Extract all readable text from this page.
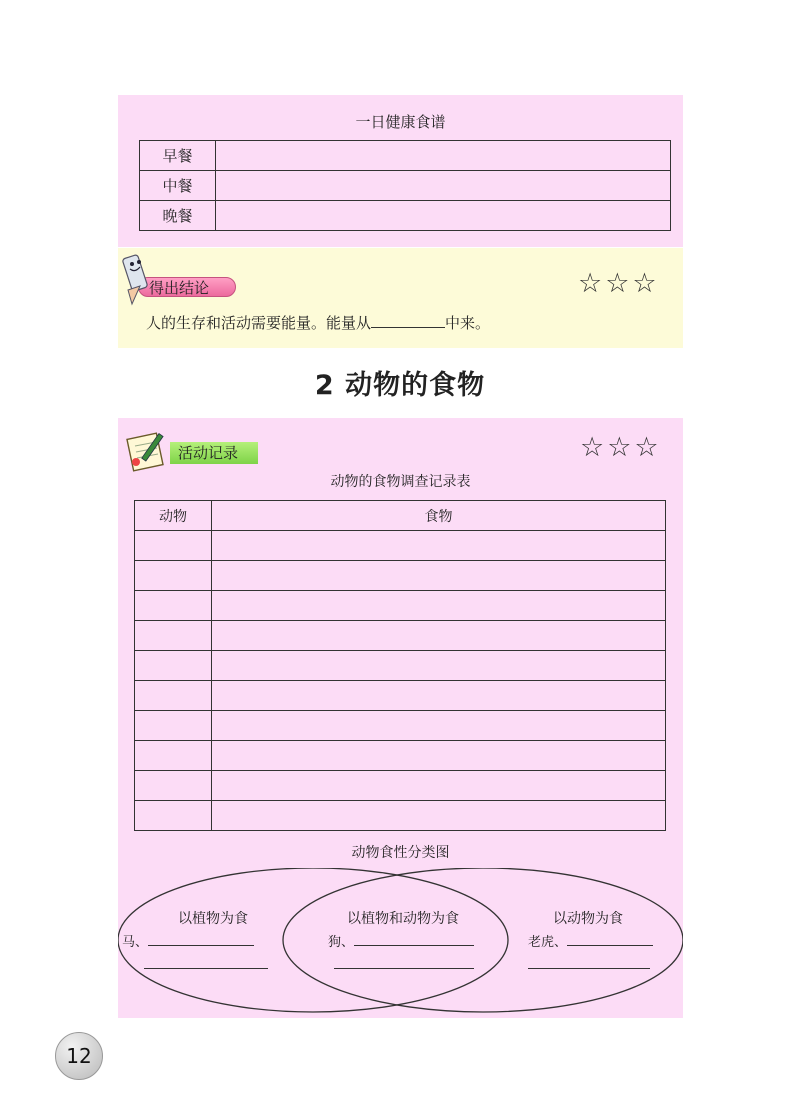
一日健康食谱
早餐	
中餐	
晚餐	
得出结论	☆☆☆
人的生存和活动需要能量。能量从	中来。
2 动物的食物
活动记录	☆☆☆
动物的食物调查记录表
动物	食物

动物食性分类图
以植物为食
马、
以植物和动物为食
狗、
以动物为食
老虎、
12
